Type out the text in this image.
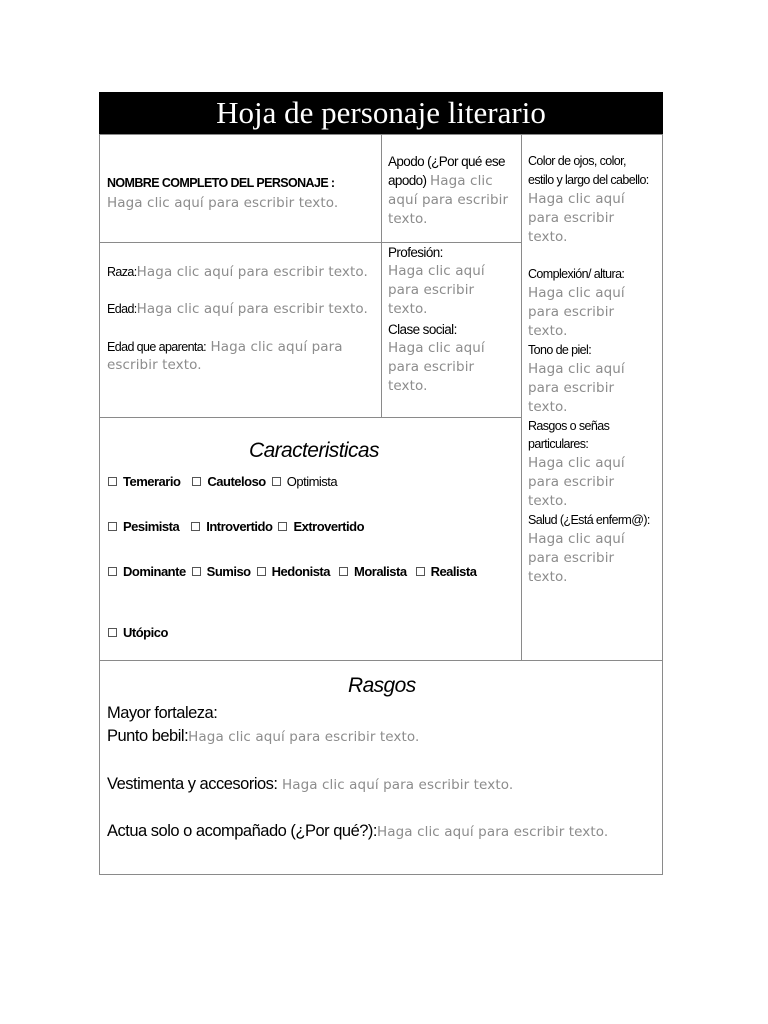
Hoja de personaje literario
NOMBRE COMPLETO DEL PERSONAJE :
Haga clic aquí para escribir texto.
Apodo (¿Por qué ese
apodo) Haga clic
aquí para escribir
texto.
Color de ojos, color,
estilo y largo del cabello:
Haga clic aquí
para escribir
texto.
Complexión/ altura:
Haga clic aquí
para escribir
texto.
Tono de piel:
Haga clic aquí
para escribir
texto.
Rasgos o señas
particulares:
Haga clic aquí
para escribir
texto.
Salud (¿Está enferm@):
Haga clic aquí
para escribir
texto.
Raza:Haga clic aquí para escribir texto.
Edad:Haga clic aquí para escribir texto.
Edad que aparenta: Haga clic aquí para
escribir texto.
Profesión:
Haga clic aquí
para escribir
texto.
Clase social:
Haga clic aquí
para escribir
texto.
Caracteristicas
Temerario Cauteloso Optimista
Pesimista Introvertido Extrovertido
Dominante Sumiso Hedonista Moralista Realista
Utópico
Rasgos
Mayor fortaleza:
Punto bebil:Haga clic aquí para escribir texto.
Vestimenta y accesorios: Haga clic aquí para escribir texto.
Actua solo o acompañado (¿Por qué?):Haga clic aquí para escribir texto.
